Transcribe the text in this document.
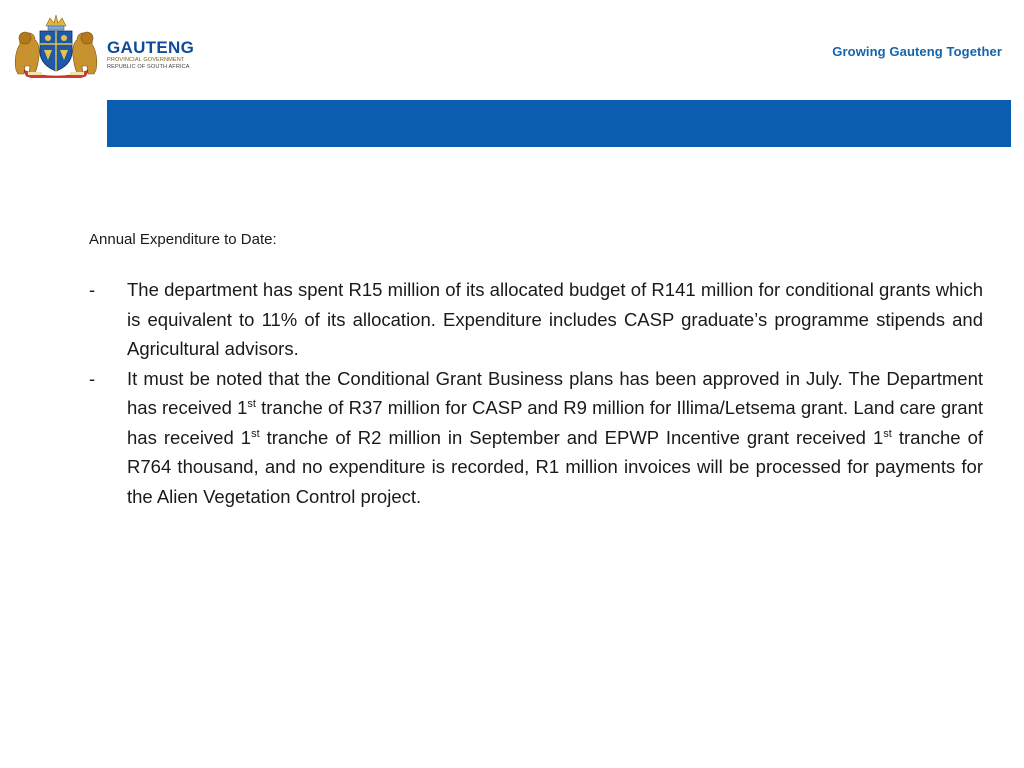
GAUTENG
PROVINCIAL GOVERNMENT
REPUBLIC OF SOUTH AFRICA
Growing Gauteng Together
Annual Expenditure to Date:
- The department has spent R15 million of its allocated budget of R141 million for conditional grants which is equivalent to 11% of its allocation. Expenditure includes CASP graduate’s programme stipends and Agricultural advisors.
- It must be noted that the Conditional Grant Business plans has been approved in July. The Department has received 1st tranche of R37 million for CASP and R9 million for Illima/Letsema grant. Land care grant has received 1st tranche of R2 million in September and EPWP Incentive grant received 1st tranche of R764 thousand, and no expenditure is recorded, R1 million invoices will be processed for payments for the Alien Vegetation Control project.
